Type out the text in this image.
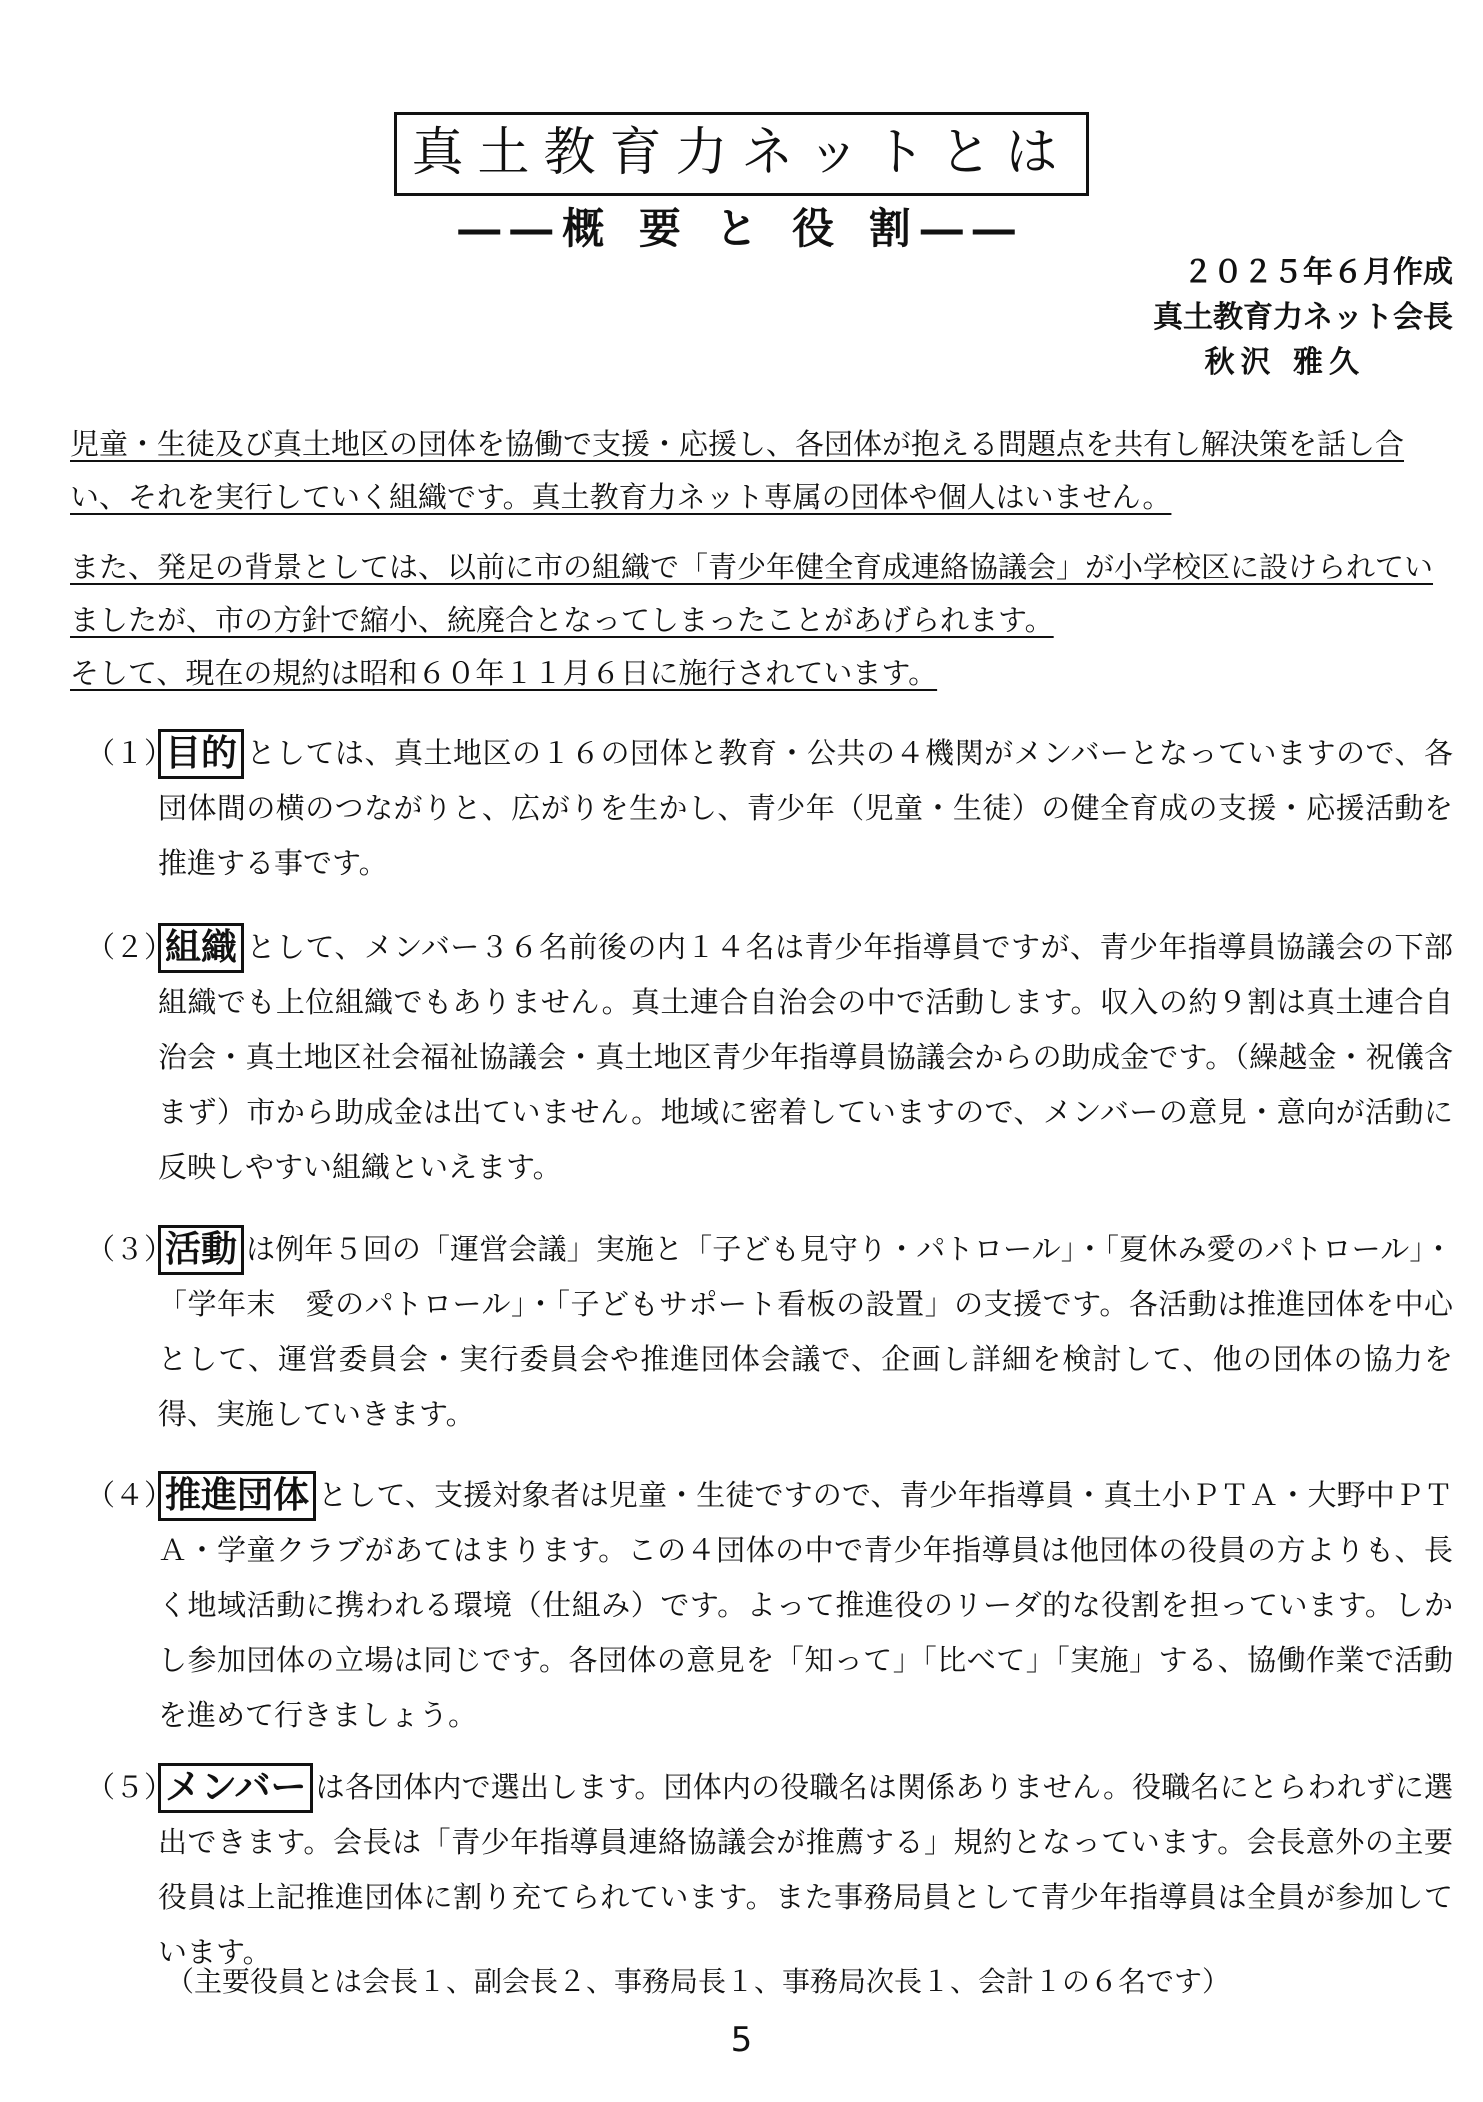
真土教育力ネットとは
――概 要 と 役 割――
２０２５年６月作成
真土教育力ネット会長
秋沢 雅久

児童・生徒及び真土地区の団体を協働で支援・応援し、各団体が抱える問題点を共有し解決策を話し合い、それを実行していく組織です。真土教育力ネット専属の団体や個人はいません。

また、発足の背景としては、以前に市の組織で「青少年健全育成連絡協議会」が小学校区に設けられていましたが、市の方針で縮小、統廃合となってしまったことがあげられます。

そして、現在の規約は昭和６０年１１月６日に施行されています。

（１）
目的 としては、真土地区の１６の団体と教育・公共の４機関がメンバーとなっていますので、各団体間の横のつながりと、広がりを生かし、青少年（児童・生徒）の健全育成の支援・応援活動を推進する事です。
（２）
組織 として、メンバー３６名前後の内１４名は青少年指導員ですが、青少年指導員協議会の下部組織でも上位組織でもありません。真土連合自治会の中で活動します。収入の約９割は真土連合自治会・真土地区社会福祉協議会・真土地区青少年指導員協議会からの助成金です。（繰越金・祝儀含まず）市から助成金は出ていません。地域に密着していますので、メンバーの意見・意向が活動に反映しやすい組織といえます。
（３）
活動 は例年５回の「運営会議」実施と「子ども見守り・パトロール」・「夏休み愛のパトロール」・「学年末　愛のパトロール」・「子どもサポート看板の設置」の支援です。各活動は推進団体を中心として、運営委員会・実行委員会や推進団体会議で、企画し詳細を検討して、他の団体の協力を得、実施していきます。
（４）
推進団体 として、支援対象者は児童・生徒ですので、青少年指導員・真土小ＰＴＡ・大野中ＰＴＡ・学童クラブがあてはまります。この４団体の中で青少年指導員は他団体の役員の方よりも、長く地域活動に携われる環境（仕組み）です。よって推進役のリーダ的な役割を担っています。しかし参加団体の立場は同じです。各団体の意見を「知って」「比べて」「実施」する、協働作業で活動を進めて行きましょう。
（５）
メンバー は各団体内で選出します。団体内の役職名は関係ありません。役職名にとらわれずに選出できます。会長は「青少年指導員連絡協議会が推薦する」規約となっています。会長意外の主要役員は上記推進団体に割り充てられています。また事務局員として青少年指導員は全員が参加しています。
（主要役員とは会長１、副会長２、事務局長１、事務局次長１、会計１の６名です）
5
